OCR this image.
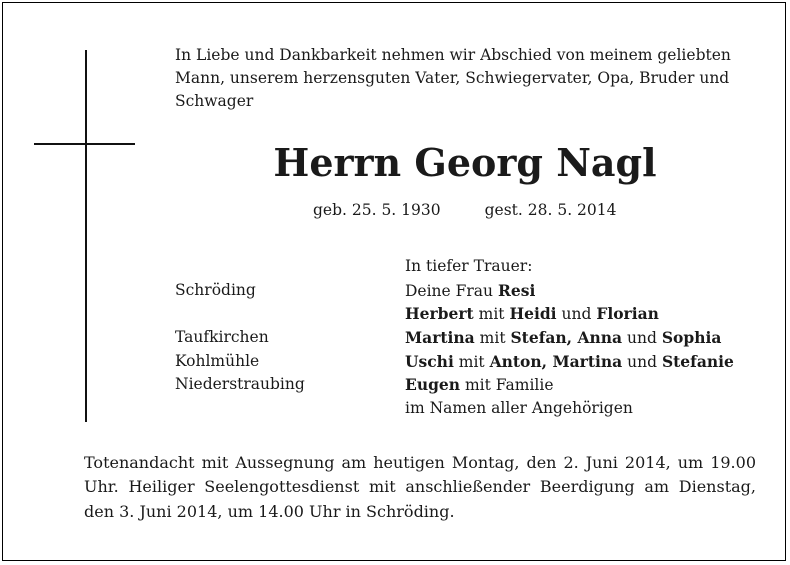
In Liebe und Dankbarkeit nehmen wir Abschied von meinem geliebten Mann, unserem herzensguten Vater, Schwiegervater, Opa, Bruder und Schwager
Herrn Georg Nagl
geb. 25. 5. 1930	gest. 28. 5. 2014
In tiefer Trauer:
Deine Frau Resi
Herbert mit Heidi und Florian
Martina mit Stefan, Anna und Sophia
Uschi mit Anton, Martina und Stefanie
Eugen mit Familie
im Namen aller Angehörigen
Schröding
Taufkirchen
Kohlmühle
Niederstraubing
Totenandacht mit Aussegnung am heutigen Montag, den 2. Juni 2014, um 19.00 Uhr. Heiliger Seelengottesdienst mit anschließender Beerdigung am Dienstag, den 3. Juni 2014, um 14.00 Uhr in Schröding.
